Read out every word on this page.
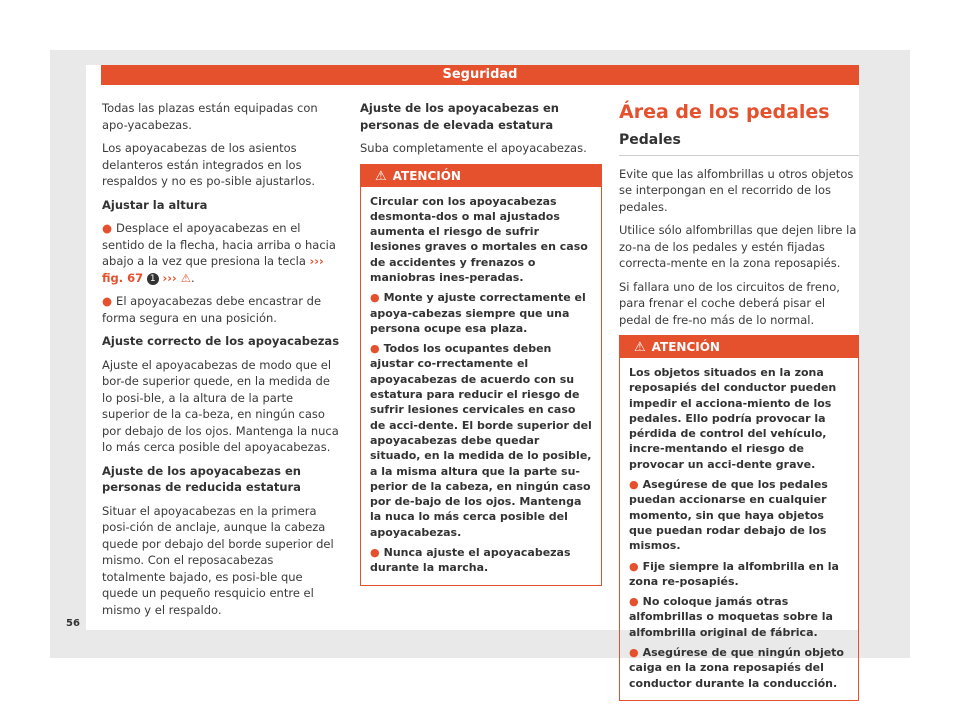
Seguridad

Todas las plazas están equipadas con apo-yacabezas.

Los apoyacabezas de los asientos delanteros están integrados en los respaldos y no es po-sible ajustarlos.

Ajustar la altura

● Desplace el apoyacabezas en el sentido de la flecha, hacia arriba o hacia abajo a la vez que presiona la tecla ››› fig. 67 1 ››› ⚠.

● El apoyacabezas debe encastrar de forma segura en una posición.

Ajuste correcto de los apoyacabezas

Ajuste el apoyacabezas de modo que el bor-de superior quede, en la medida de lo posi-ble, a la altura de la parte superior de la ca-beza, en ningún caso por debajo de los ojos. Mantenga la nuca lo más cerca posible del apoyacabezas.

Ajuste de los apoyacabezas en personas de reducida estatura

Situar el apoyacabezas en la primera posi-ción de anclaje, aunque la cabeza quede por debajo del borde superior del mismo. Con el reposacabezas totalmente bajado, es posi-ble que quede un pequeño resquicio entre el mismo y el respaldo.

Ajuste de los apoyacabezas en personas de elevada estatura

Suba completamente el apoyacabezas.

⚠ ATENCIÓN

Circular con los apoyacabezas desmonta-dos o mal ajustados aumenta el riesgo de sufrir lesiones graves o mortales en caso de accidentes y frenazos o maniobras ines-peradas.

● Monte y ajuste correctamente el apoya-cabezas siempre que una persona ocupe esa plaza.

● Todos los ocupantes deben ajustar co-rrectamente el apoyacabezas de acuerdo con su estatura para reducir el riesgo de sufrir lesiones cervicales en caso de acci-dente. El borde superior del apoyacabezas debe quedar situado, en la medida de lo posible, a la misma altura que la parte su-perior de la cabeza, en ningún caso por de-bajo de los ojos. Mantenga la nuca lo más cerca posible del apoyacabezas.

● Nunca ajuste el apoyacabezas durante la marcha.

Área de los pedales
Pedales

Evite que las alfombrillas u otros objetos se interpongan en el recorrido de los pedales.

Utilice sólo alfombrillas que dejen libre la zo-na de los pedales y estén fijadas correcta-mente en la zona reposapiés.

Si fallara uno de los circuitos de freno, para frenar el coche deberá pisar el pedal de fre-no más de lo normal.

⚠ ATENCIÓN

Los objetos situados en la zona reposapiés del conductor pueden impedir el acciona-miento de los pedales. Ello podría provocar la pérdida de control del vehículo, incre-mentando el riesgo de provocar un acci-dente grave.

● Asegúrese de que los pedales puedan accionarse en cualquier momento, sin que haya objetos que puedan rodar debajo de los mismos.

● Fije siempre la alfombrilla en la zona re-posapiés.

● No coloque jamás otras alfombrillas o moquetas sobre la alfombrilla original de fábrica.

● Asegúrese de que ningún objeto caiga en la zona reposapiés del conductor durante la conducción.

56
